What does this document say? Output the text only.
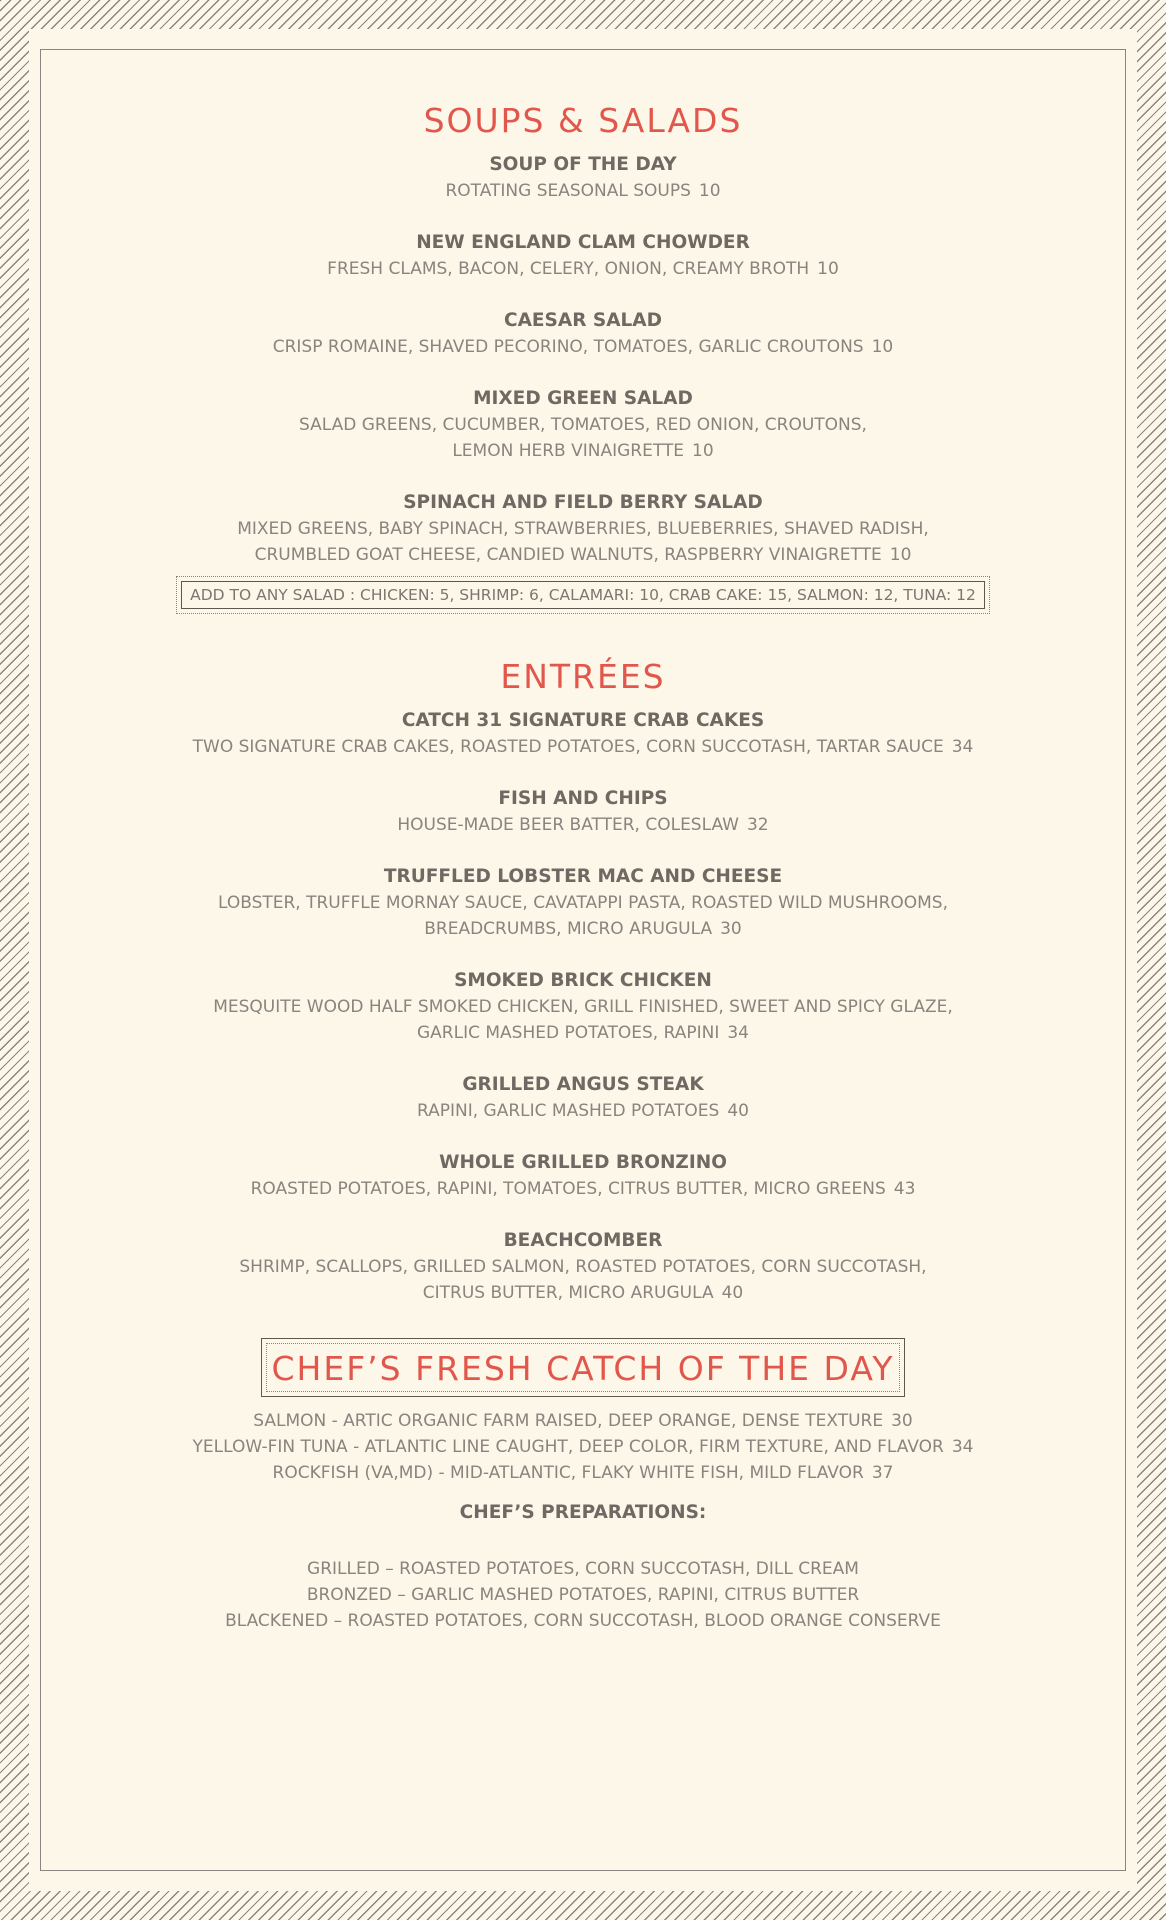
SOUPS & SALADS
SOUP OF THE DAY
ROTATING SEASONAL SOUPS 10
NEW ENGLAND CLAM CHOWDER
FRESH CLAMS, BACON, CELERY, ONION, CREAMY BROTH 10
CAESAR SALAD
CRISP ROMAINE, SHAVED PECORINO, TOMATOES, GARLIC CROUTONS 10
MIXED GREEN SALAD
SALAD GREENS, CUCUMBER, TOMATOES, RED ONION, CROUTONS,
LEMON HERB VINAIGRETTE 10
SPINACH AND FIELD BERRY SALAD
MIXED GREENS, BABY SPINACH, STRAWBERRIES, BLUEBERRIES, SHAVED RADISH,
CRUMBLED GOAT CHEESE, CANDIED WALNUTS, RASPBERRY VINAIGRETTE 10
ADD TO ANY SALAD : CHICKEN: 5, SHRIMP: 6, CALAMARI: 10, CRAB CAKE: 15, SALMON: 12, TUNA: 12
ENTRÉES
CATCH 31 SIGNATURE CRAB CAKES
TWO SIGNATURE CRAB CAKES, ROASTED POTATOES, CORN SUCCOTASH, TARTAR SAUCE 34
FISH AND CHIPS
HOUSE-MADE BEER BATTER, COLESLAW 32
TRUFFLED LOBSTER MAC AND CHEESE
LOBSTER, TRUFFLE MORNAY SAUCE, CAVATAPPI PASTA, ROASTED WILD MUSHROOMS,
BREADCRUMBS, MICRO ARUGULA 30
SMOKED BRICK CHICKEN
MESQUITE WOOD HALF SMOKED CHICKEN, GRILL FINISHED, SWEET AND SPICY GLAZE,
GARLIC MASHED POTATOES, RAPINI 34
GRILLED ANGUS STEAK
RAPINI, GARLIC MASHED POTATOES 40
WHOLE GRILLED BRONZINO
ROASTED POTATOES, RAPINI, TOMATOES, CITRUS BUTTER, MICRO GREENS 43
BEACHCOMBER
SHRIMP, SCALLOPS, GRILLED SALMON, ROASTED POTATOES, CORN SUCCOTASH,
CITRUS BUTTER, MICRO ARUGULA 40
CHEF’S FRESH CATCH OF THE DAY
SALMON - ARTIC ORGANIC FARM RAISED, DEEP ORANGE, DENSE TEXTURE 30
YELLOW-FIN TUNA - ATLANTIC LINE CAUGHT, DEEP COLOR, FIRM TEXTURE, AND FLAVOR 34
ROCKFISH (VA,MD) - MID-ATLANTIC, FLAKY WHITE FISH, MILD FLAVOR 37
CHEF’S PREPARATIONS:
GRILLED – ROASTED POTATOES, CORN SUCCOTASH, DILL CREAM
BRONZED – GARLIC MASHED POTATOES, RAPINI, CITRUS BUTTER
BLACKENED – ROASTED POTATOES, CORN SUCCOTASH, BLOOD ORANGE CONSERVE
